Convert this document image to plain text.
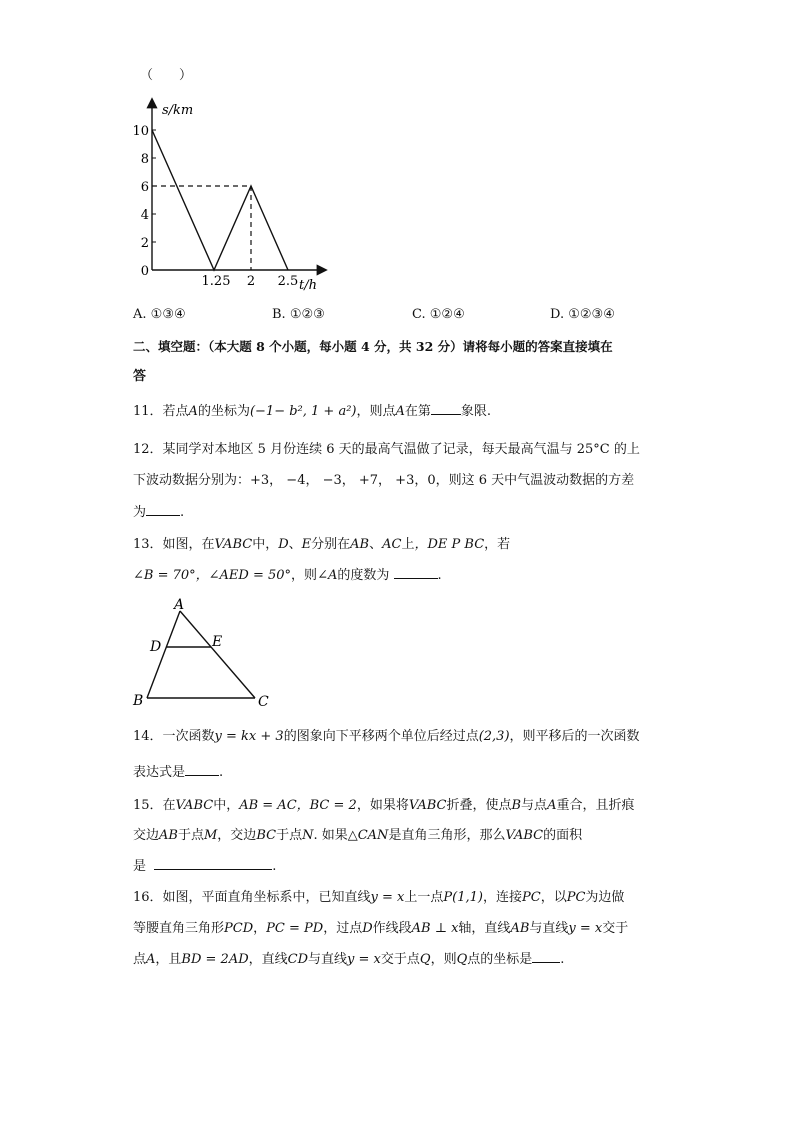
（　　）
s/km
t/h
10
8
6
4
2
0
1.25 2 2.5
A. ①③④	B. ①②③	C. ①②④	D. ①②③④
二、填空题：（本大题 8 个小题，每小题 4 分，共 32 分）请将每小题的答案直接填在
答
11．若点A的坐标为(−1− b², 1 + a²)，则点A在第 象限.
12．某同学对本地区 5 月份连续 6 天的最高气温做了记录，每天最高气温与 25°C 的上
下波动数据分别为：+3， −4， −3， +7， +3，0，则这 6 天中气温波动数据的方差
为	.
13．如图，在VABC中，D、E分别在AB、AC上，DE P BC，若
∠B = 70°，∠AED = 50°，则∠A的度数为	.
A
B	C
D	E
14．一次函数y = kx + 3的图象向下平移两个单位后经过点(2,3)，则平移后的一次函数
表达式是	.
15．在VABC中，AB = AC，BC = 2，如果将VABC折叠，使点B与点A重合，且折痕
交边AB于点M，交边BC于点N. 如果△CAN是直角三角形，那么VABC的面积
是	.
16．如图，平面直角坐标系中，已知直线y = x上一点P(1,1)，连接PC，以PC为边做
等腰直角三角形PCD，PC = PD，过点D作线段AB ⊥ x轴，直线AB与直线y = x交于
点A，且BD = 2AD，直线CD与直线y = x交于点Q，则Q点的坐标是 .
